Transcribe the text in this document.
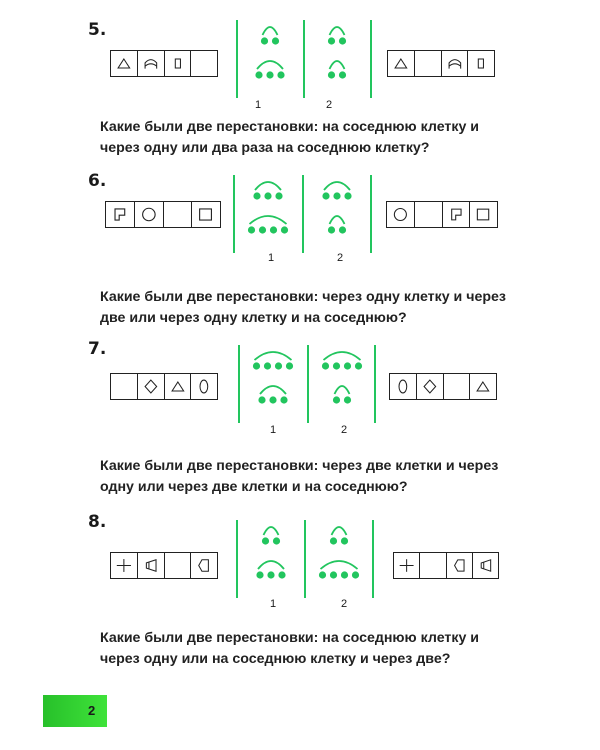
5.
1	2
Какие были две перестановки: на соседнюю клетку и
через одну или два раза на соседнюю клетку?
6.
1	2
Какие были две перестановки: через одну клетку и через
две или через одну клетку и на соседнюю?
7.
1	2
Какие были две перестановки: через две клетки и через
одну или через две клетки и на соседнюю?
8.
1	2
Какие были две перестановки: на соседнюю клетку и
через одну или на соседнюю клетку и через две?
2
